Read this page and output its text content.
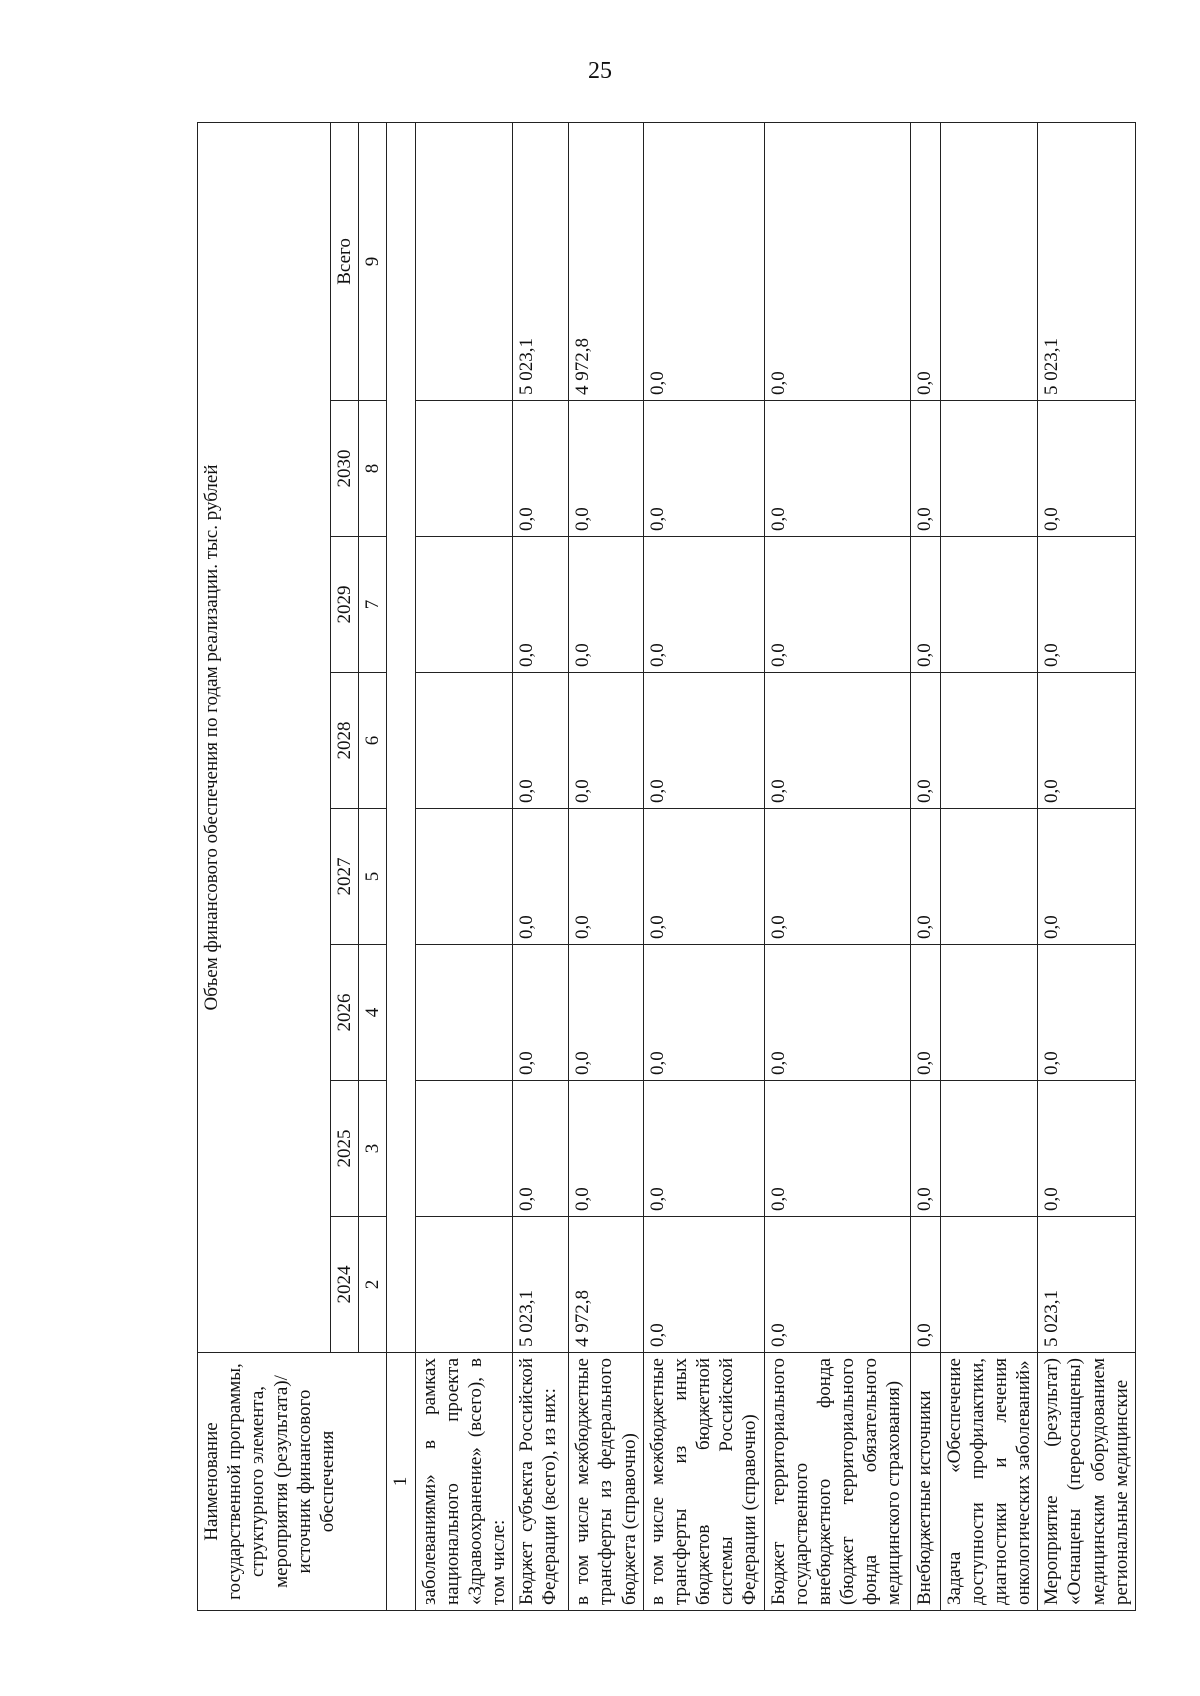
25
Наименование государственной программы, структурного элемента, мероприятия (результата)/источник финансового обеспечения	Объем финансового обеспечения по годам реализации. тыс. рублей							
	2024	2025	2026	2027	2028	2029	2030	Всего
	2	3	4	5	6	7	8	9
1								
заболеваниями» в рамках национального проекта «Здравоохранение» (всего), в том числе:								
Бюджет субъекта Российской Федерации (всего), из них:	5 023,1	0,0	0,0	0,0	0,0	0,0	0,0	5 023,1
в том числе межбюджетные трансферты из федерального бюджета (справочно)	4 972,8	0,0	0,0	0,0	0,0	0,0	0,0	4 972,8
в том числе межбюджетные трансферты из иных бюджетов бюджетной системы Российской Федерации (справочно)	0,0	0,0	0,0	0,0	0,0	0,0	0,0	0,0
Бюджет территориального государственного внебюджетного фонда (бюджет территориального фонда обязательного медицинского страхования)	0,0	0,0	0,0	0,0	0,0	0,0	0,0	0,0
Внебюджетные источники	0,0	0,0	0,0	0,0	0,0	0,0	0,0	0,0
Задача «Обеспечение доступности профилактики, диагностики и лечения онкологических заболеваний»								
Мероприятие (результат) «Оснащены (переоснащены) медицинским оборудованием региональные медицинские	5 023,1	0,0	0,0	0,0	0,0	0,0	0,0	5 023,1
